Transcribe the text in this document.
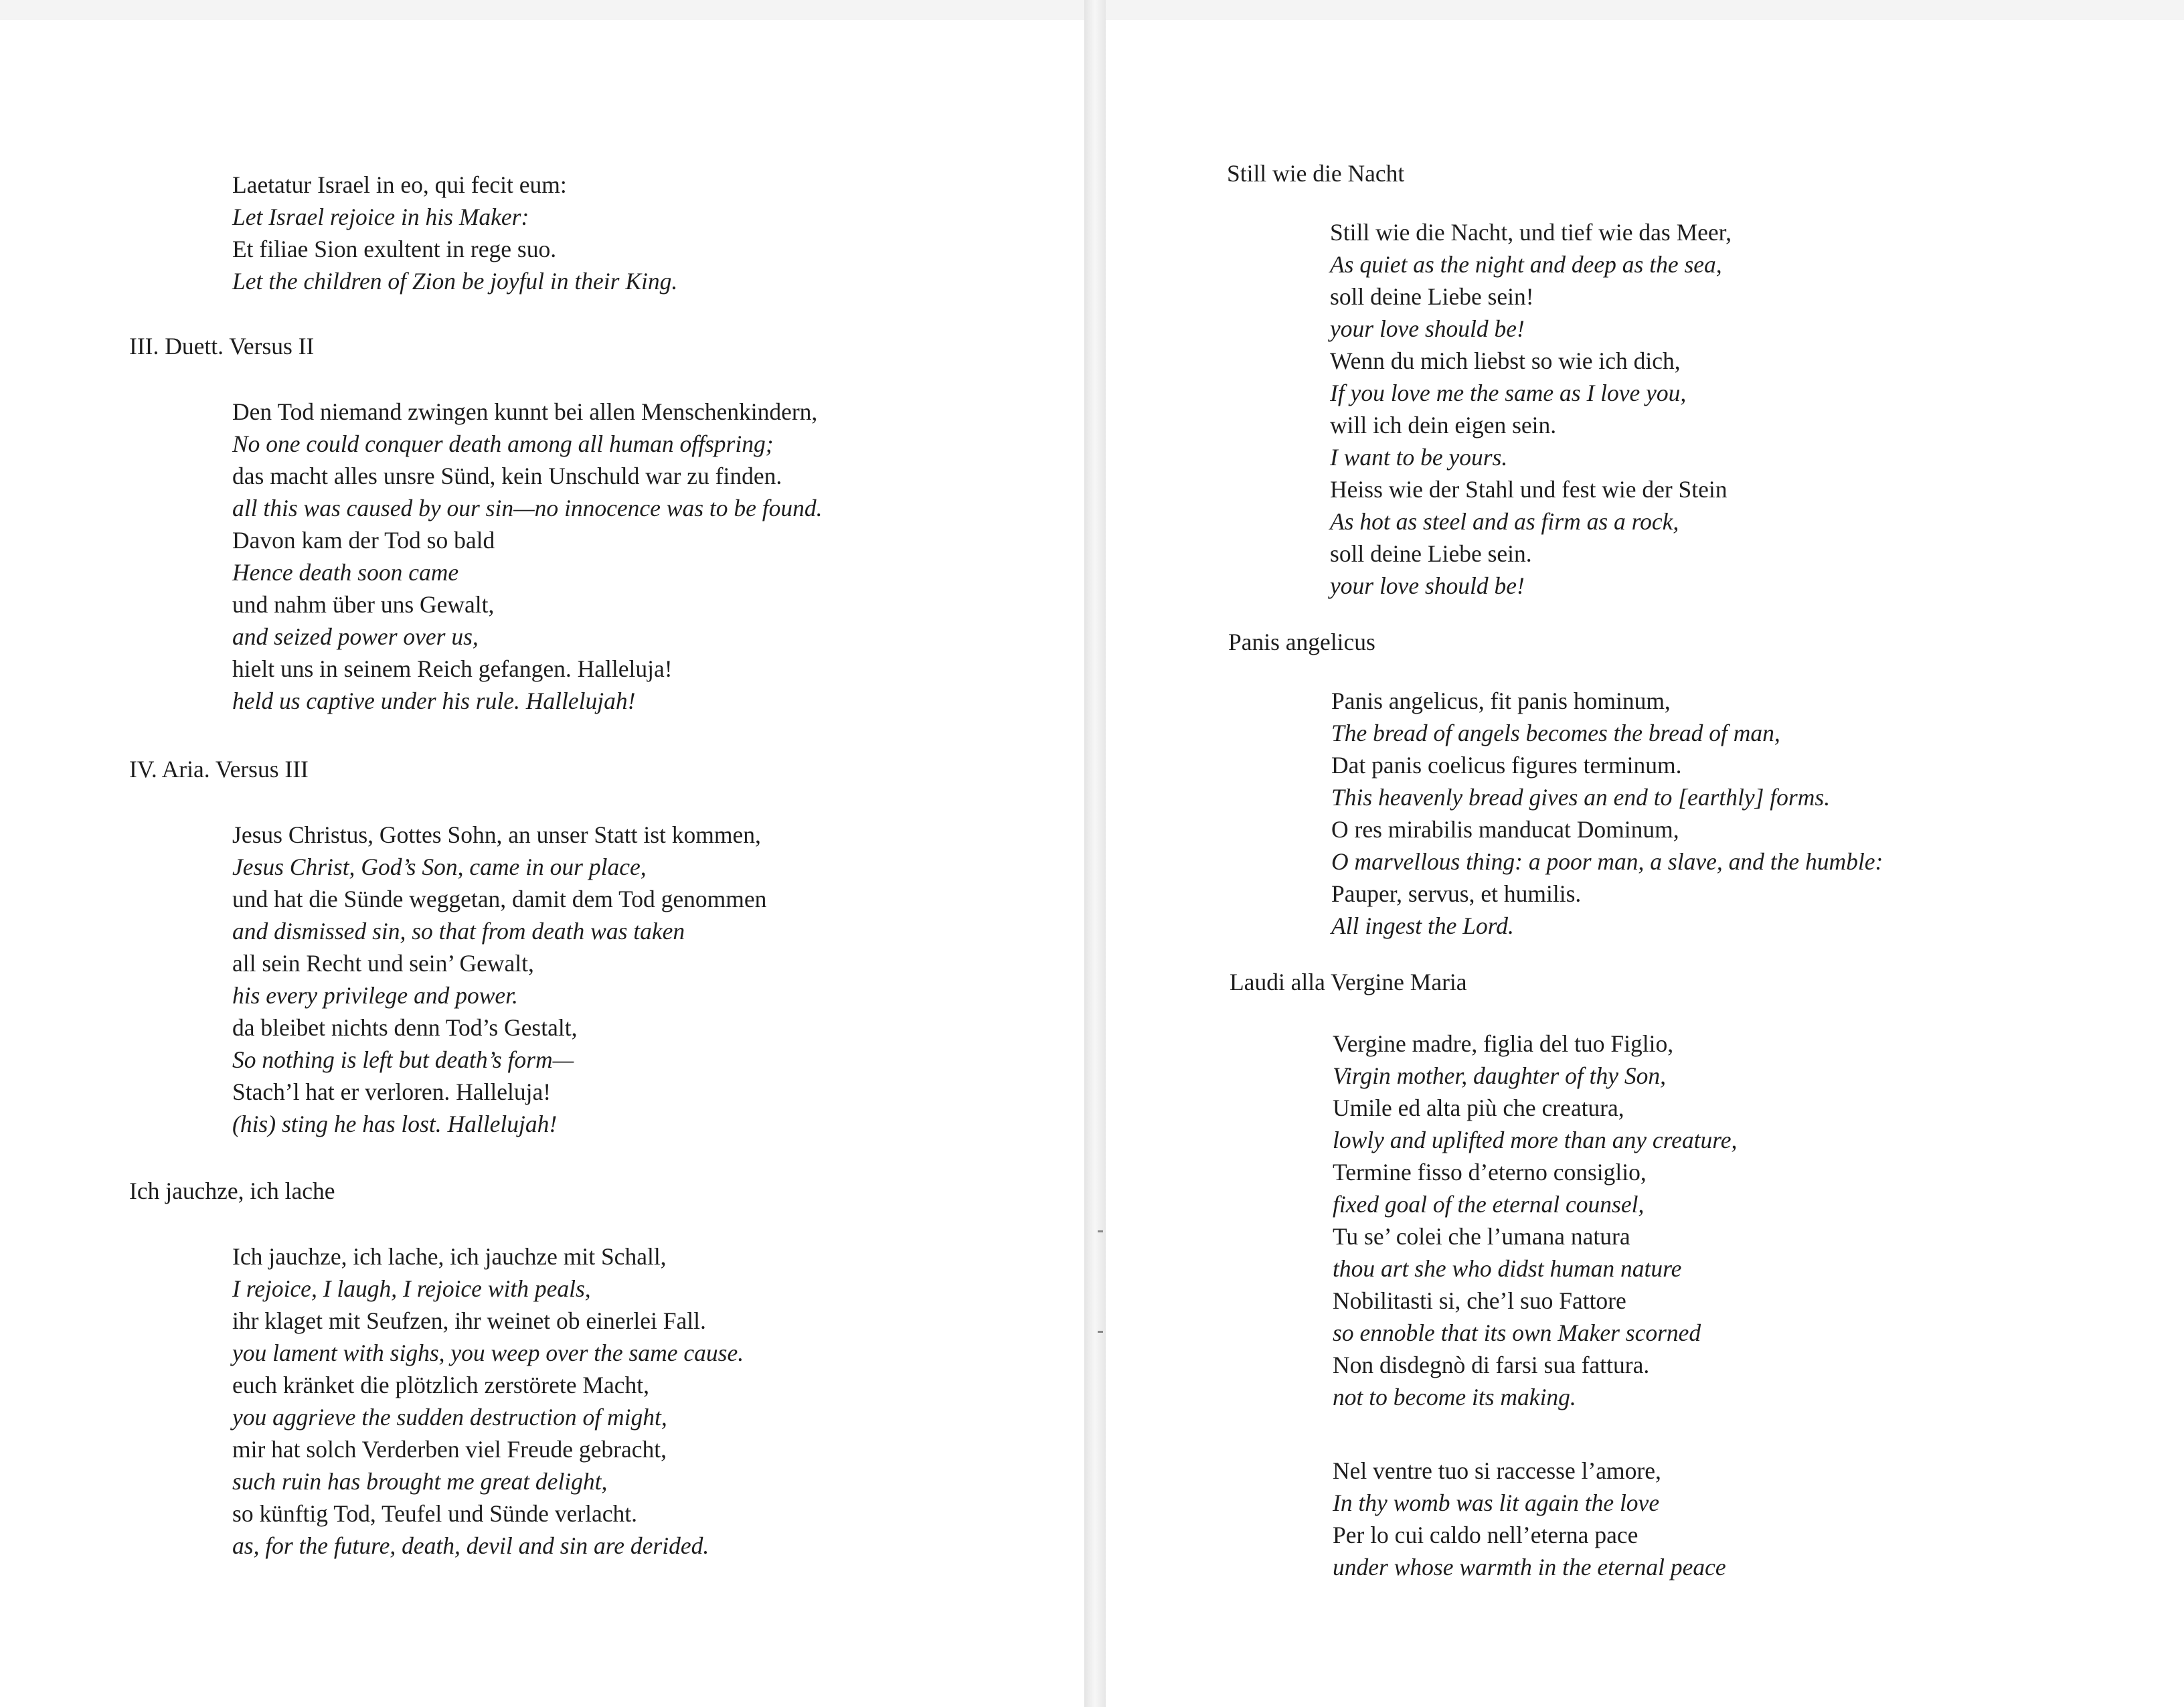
Laetatur Israel in eo, qui fecit eum:
Let Israel rejoice in his Maker:
Et filiae Sion exultent in rege suo.
Let the children of Zion be joyful in their King.
III. Duett. Versus II
Den Tod niemand zwingen kunnt bei allen Menschenkindern,
No one could conquer death among all human offspring;
das macht alles unsre Sünd, kein Unschuld war zu finden.
all this was caused by our sin—no innocence was to be found.
Davon kam der Tod so bald
Hence death soon came
und nahm über uns Gewalt,
and seized power over us,
hielt uns in seinem Reich gefangen. Halleluja!
held us captive under his rule. Hallelujah!
IV. Aria. Versus III
Jesus Christus, Gottes Sohn, an unser Statt ist kommen,
Jesus Christ, God’s Son, came in our place,
und hat die Sünde weggetan, damit dem Tod genommen
and dismissed sin, so that from death was taken
all sein Recht und sein’ Gewalt,
his every privilege and power.
da bleibet nichts denn Tod’s Gestalt,
So nothing is left but death’s form—
Stach’l hat er verloren. Halleluja!
(his) sting he has lost. Hallelujah!
Ich jauchze, ich lache
Ich jauchze, ich lache, ich jauchze mit Schall,
I rejoice, I laugh, I rejoice with peals,
ihr klaget mit Seufzen, ihr weinet ob einerlei Fall.
you lament with sighs, you weep over the same cause.
euch kränket die plötzlich zerstörete Macht,
you aggrieve the sudden destruction of might,
mir hat solch Verderben viel Freude gebracht,
such ruin has brought me great delight,
so künftig Tod, Teufel und Sünde verlacht.
as, for the future, death, devil and sin are derided.
Still wie die Nacht
Still wie die Nacht, und tief wie das Meer,
As quiet as the night and deep as the sea,
soll deine Liebe sein!
your love should be!
Wenn du mich liebst so wie ich dich,
If you love me the same as I love you,
will ich dein eigen sein.
I want to be yours.
Heiss wie der Stahl und fest wie der Stein
As hot as steel and as firm as a rock,
soll deine Liebe sein.
your love should be!
Panis angelicus
Panis angelicus, fit panis hominum,
The bread of angels becomes the bread of man,
Dat panis coelicus figures terminum.
This heavenly bread gives an end to [earthly] forms.
O res mirabilis manducat Dominum,
O marvellous thing: a poor man, a slave, and the humble:
Pauper, servus, et humilis.
All ingest the Lord.
Laudi alla Vergine Maria
Vergine madre, figlia del tuo Figlio,
Virgin mother, daughter of thy Son,
Umile ed alta più che creatura,
lowly and uplifted more than any creature,
Termine fisso d’eterno consiglio,
fixed goal of the eternal counsel,
Tu se’ colei che l’umana natura
thou art she who didst human nature
Nobilitasti si, che’l suo Fattore
so ennoble that its own Maker scorned
Non disdegnò di farsi sua fattura.
not to become its making.
Nel ventre tuo si raccesse l’amore,
In thy womb was lit again the love
Per lo cui caldo nell’eterna pace
under whose warmth in the eternal peace
